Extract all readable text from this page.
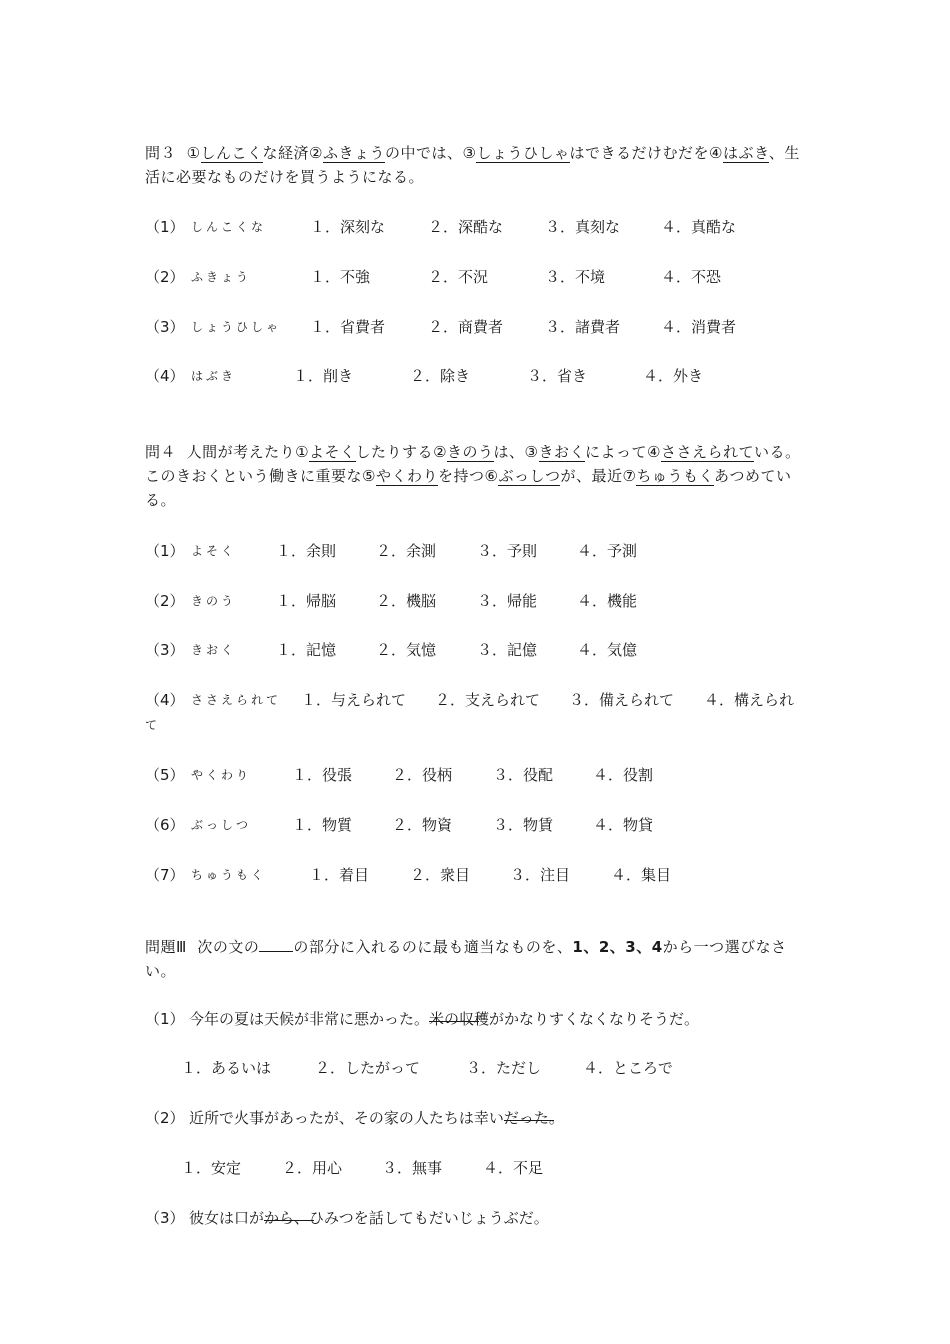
問３ ①しんこくな経済②ふきょうの中では、③しょうひしゃはできるだけむだを④はぶき、生活に必要なものだけを買うようになる。
（1） しんこくな	１．深刻な	２．深酷な	３．真刻な	４．真酷な
（2） ふきょう	１．不強	２．不況	３．不境	４．不恐
（3） しょうひしゃ １．省費者	２．商費者	３．諸費者	４．消費者
（4） はぶき	１．削き	２．除き	３．省き	４．外き
問４ 人間が考えたり①よそくしたりする②きのうは、③きおくによって④ささえられている。このきおくという働きに重要な⑤やくわりを持つ⑥ぶっしつが、最近⑦ちゅうもくあつめている。
（1） よそく	１．余則	２．余測	３．予則	４．予測
（2） きのう	１．帰脳	２．機脳	３．帰能	４．機能
（3） きおく	１．記憶	２．気憶	３．記億	４．気億
（4） ささえられて １．与えられて ２．支えられて ３．備えられて ４．構えられ
て
（5） やくわり	１．役張	２．役柄	３．役配	４．役割
（6） ぶっしつ	１．物質	２．物資	３．物賃	４．物貸
（7） ちゅうもく	１．着目	２．衆目	３．注目	４．集目
問題Ⅲ 次の文の の部分に入れるのに最も適当なものを、1、2、3、4から一つ選びなさい。
（1） 今年の夏は天候が非常に悪かった。
米の収穫がかなりすくなくなりそうだ。
１．あるいは	２．したがって	３．ただし	４．ところで
（2） 近所で火事があったが、その家の人たちは幸い
だった。
１．安定	２．用心	３．無事	４．不足
（3） 彼女は口が
から、ひみつを話してもだいじょうぶだ。
